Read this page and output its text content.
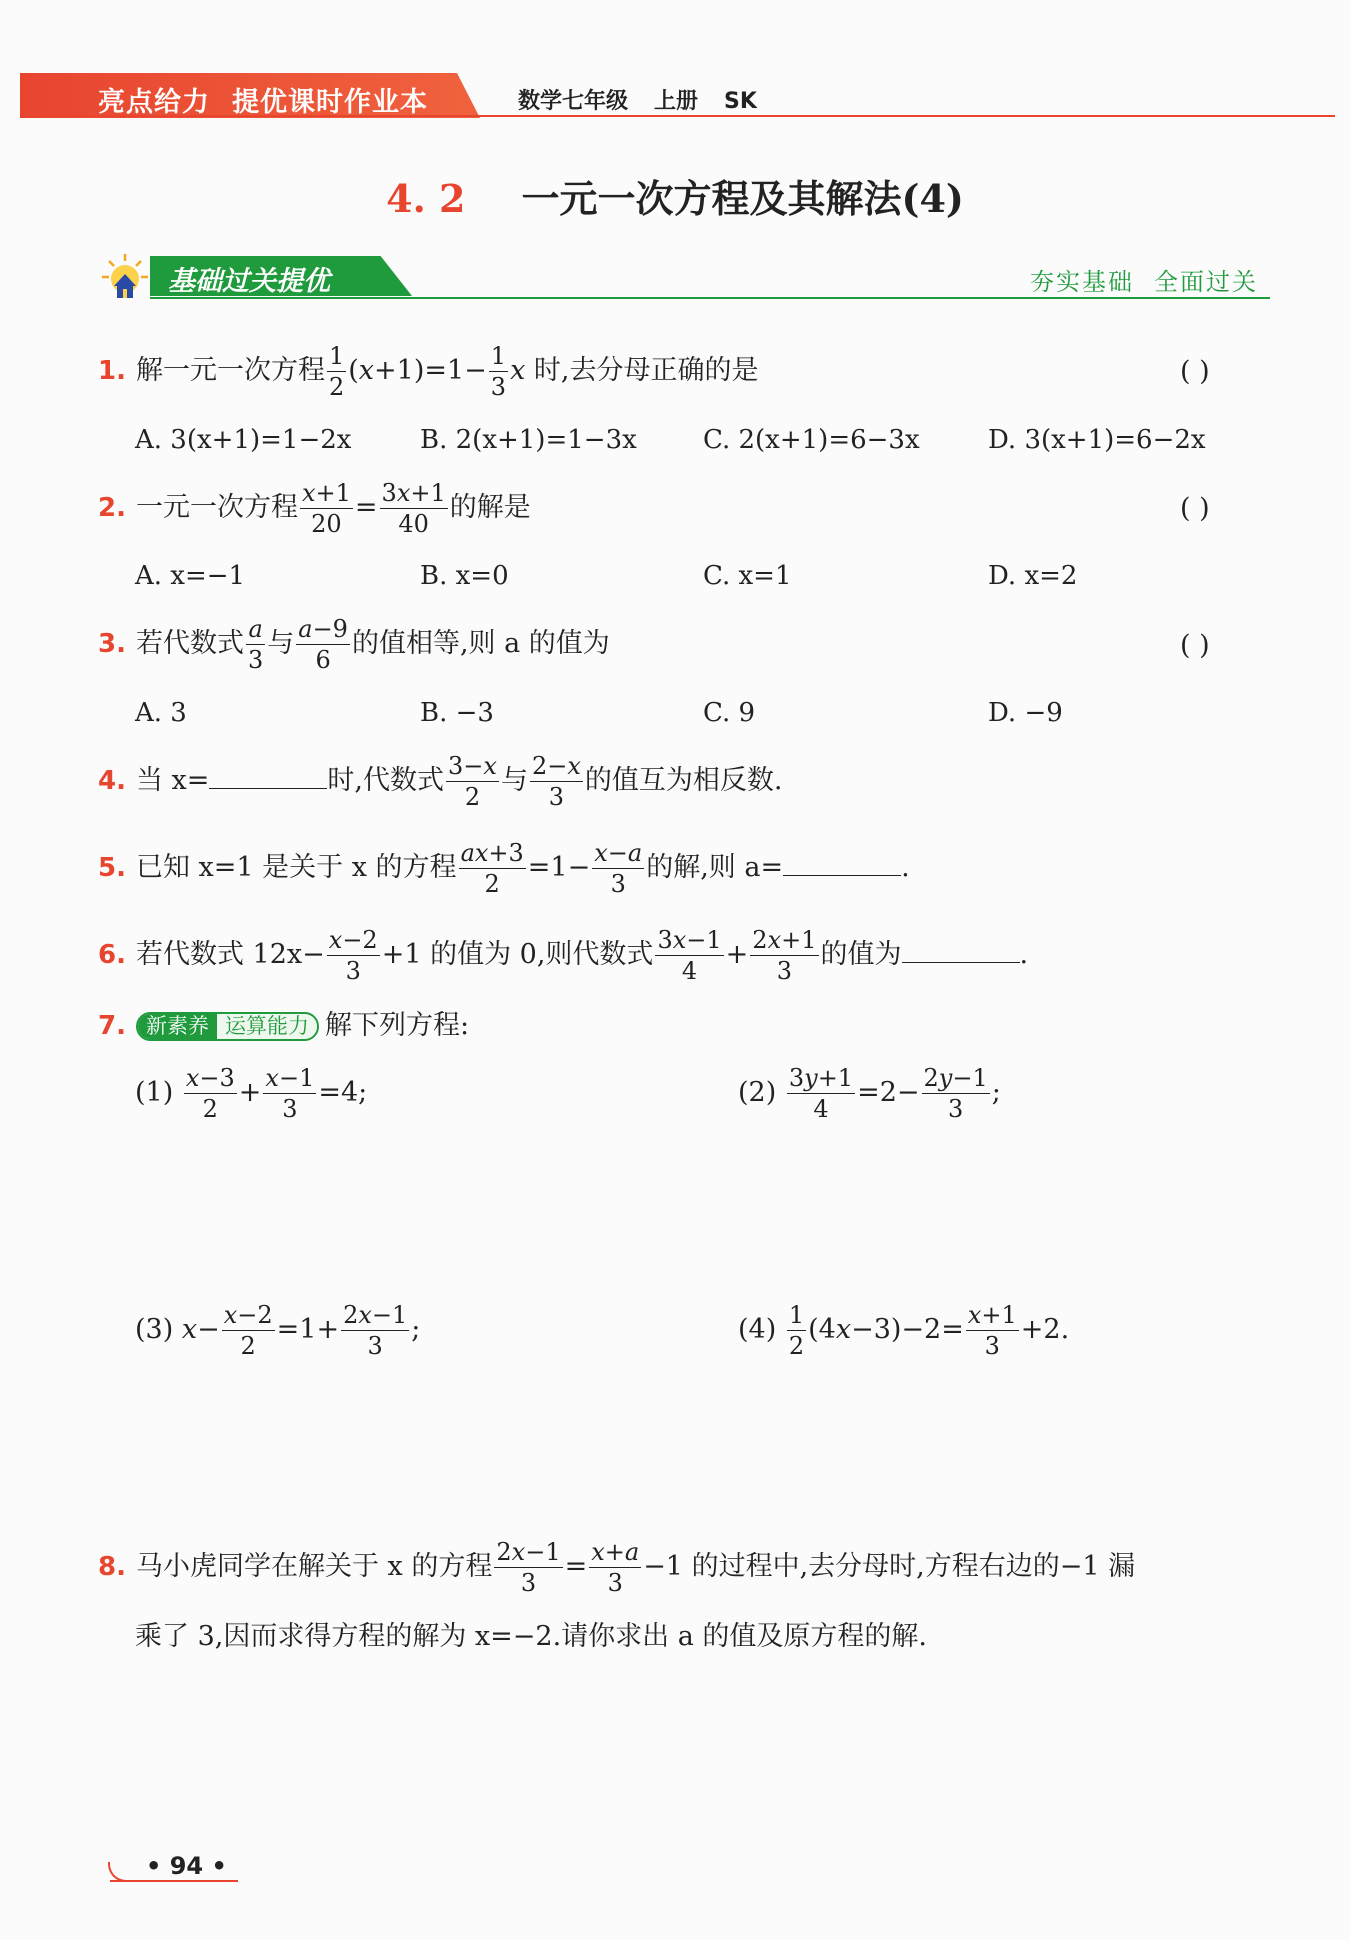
亮点给力 提优课时作业本	数学七年级 上册 SK
4. 2 一元一次方程及其解法(4)
基础过关提优	夯实基础 全面过关
1. 解一元一次方程 $\frac{1}{2} (x+1)=1- \frac{1}{3}$ x 时,去分母正确的是	( )
A. 3(x+1)=1−2x	B. 2(x+1)=1−3x	C. 2(x+1)=6−3x	D. 3(x+1)=6−2x
2. 一元一次方程 $\frac{x+1}{20} = \frac{3x+1}{40}$ 的解是	( )
A. x=−1	B. x=0	C. x=1	D. x=2
3. 若代数式 $\frac{a}{3}$ 与 $\frac{a-9}{6}$ 的值相等,则 a 的值为	( )
A. 3	B. −3	C. 9	D. −9
4. 当 x=	时,代数式 $\frac{3-x}{2}$ 与 $\frac{2-x}{3}$ 的值互为相反数.
5. 已知 x=1 是关于 x 的方程 $\frac{ax+3}{2} =1- \frac{x-a}{3}$ 的解,则 a=	.
6. 若代数式 $12x- \frac{x-2}{3} +1$ 的值为 0,则代数式 $\frac{3x-1}{4} + \frac{2x+1}{3}$ 的值为	.
7. 新素养 运算能力 解下列方程:
$(1) \frac{x-3}{2} + \frac{x-1}{3} =4$;	$(2) \frac{3y+1}{4} =2- \frac{2y-1}{3}$ ;
(3) $x- \frac{x-2}{2} =1+ \frac{2x-1}{3}$ ;	$(4) \frac{1}{2} (4x-3)-2= \frac{x+1}{3} +2$.
8. 马小虎同学在解关于 x 的方程 $\frac{2x-1}{3} = \frac{x+a}{3} -1$ 的过程中,去分母时,方程右边的−1 漏
乘了 3,因而求得方程的解为 x=−2.请你求出 a 的值及原方程的解.
• 94 •
